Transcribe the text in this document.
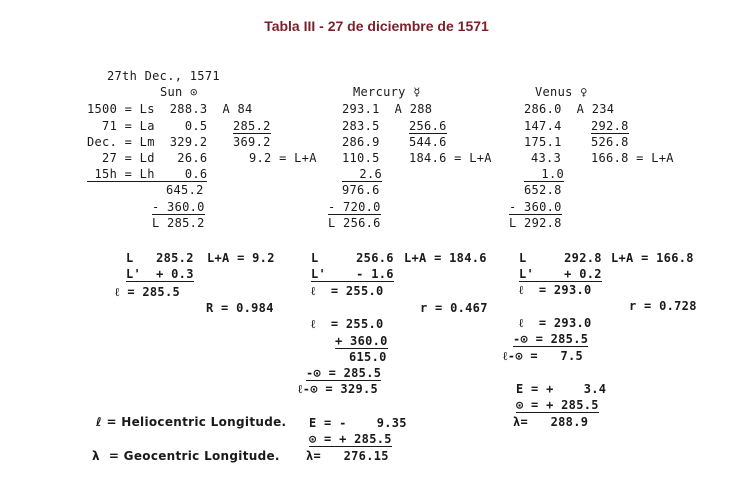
Tabla III - 27 de diciembre de 1571
27th Dec., 1571
Sun ⊙	Mercury ☿	Venus ♀
1500 = Ls  288.3  A 84
71 = La    0.5
Dec. = Lm  329.2
27 = Ld   26.6
15h = Lh    0.6
645.2
- 360.0
L 285.2
285.2
369.2
9.2 = L+A
293.1  A 288
283.5
286.9
110.5
2.6
976.6
- 720.0
L 256.6
256.6
544.6
184.6 = L+A
286.0  A 234
147.4
175.1
43.3
1.0
652.8
- 360.0
L 292.8
292.8
526.8
166.8 = L+A
L   285.2 L+A = 9.2
L'  + 0.3
ℓ = 285.5
R = 0.984
L     256.6 L+A = 184.6
L'    - 1.6
ℓ  = 255.0
r = 0.467
ℓ  = 255.0
+ 360.0
615.0
-⊙ = 285.5
ℓ-⊙ = 329.5
L     292.8 L+A = 166.8
L'    + 0.2
ℓ  = 293.0
r = 0.728
ℓ  = 293.0
-⊙ = 285.5
ℓ-⊙ =   7.5
E = +    3.4
⊙ = + 285.5
λ=   288.9
E = -    9.35
⊙ = + 285.5
λ=   276.15
ℓ = Heliocentric Longitude.
λ  = Geocentric Longitude.
